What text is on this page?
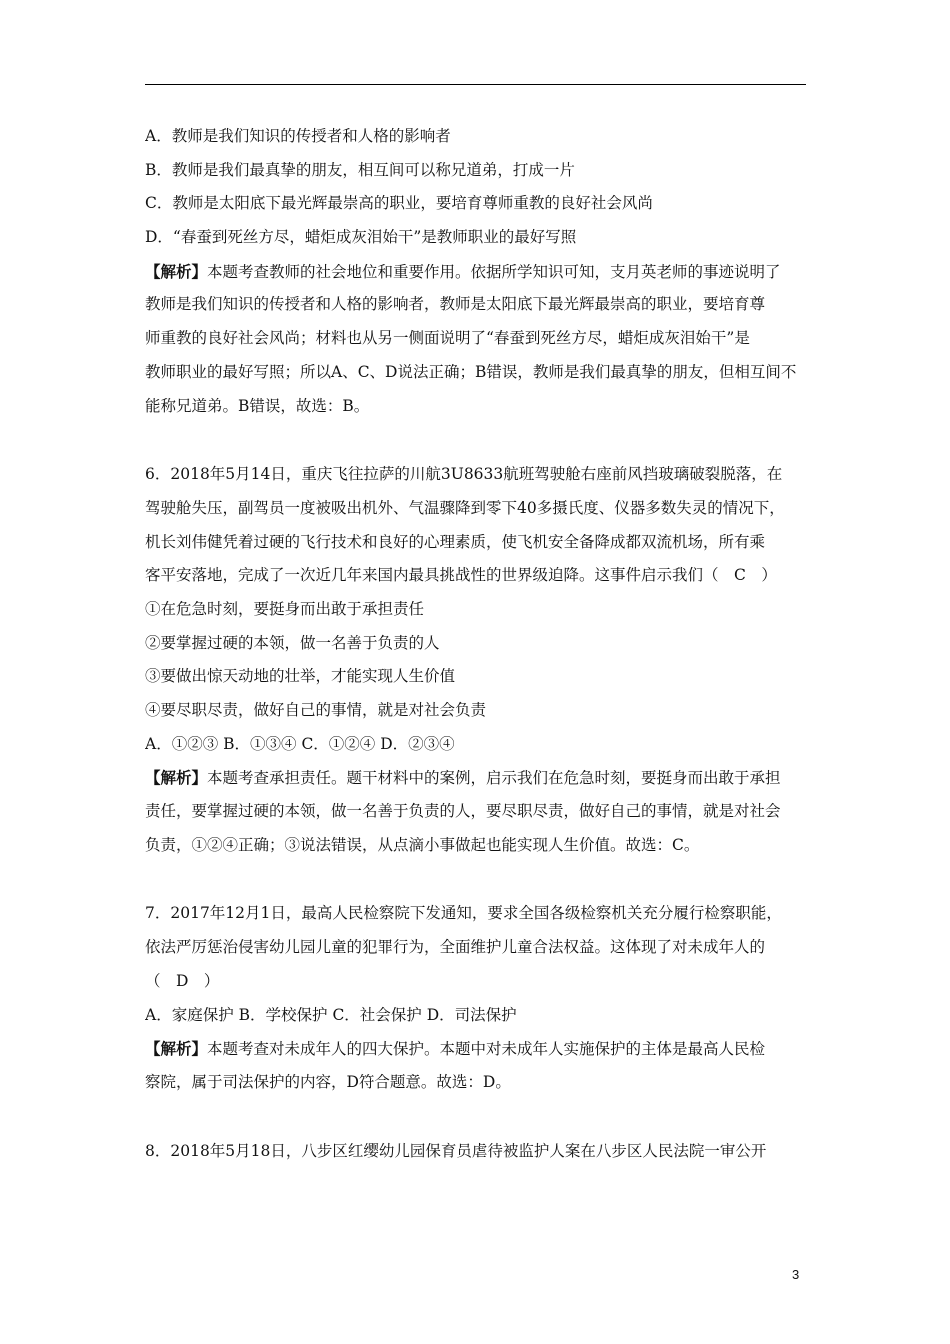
A．教师是我们知识的传授者和人格的影响者
B．教师是我们最真挚的朋友，相互间可以称兄道弟，打成一片
C．教师是太阳底下最光辉最崇高的职业，要培育尊师重教的良好社会风尚
D．“春蚕到死丝方尽，蜡炬成灰泪始干”是教师职业的最好写照
【解析】本题考查教师的社会地位和重要作用。依据所学知识可知，支月英老师的事迹说明了
教师是我们知识的传授者和人格的影响者，教师是太阳底下最光辉最崇高的职业，要培育尊
师重教的良好社会风尚；材料也从另一侧面说明了“春蚕到死丝方尽，蜡炬成灰泪始干”是
教师职业的最好写照；所以A、C、D说法正确；B错误，教师是我们最真挚的朋友，但相互间不
能称兄道弟。B错误，故选：B。
6．2018年5月14日，重庆飞往拉萨的川航3U8633航班驾驶舱右座前风挡玻璃破裂脱落，在
驾驶舱失压，副驾员一度被吸出机外、气温骤降到零下40多摄氏度、仪器多数失灵的情况下，
机长刘伟健凭着过硬的飞行技术和良好的心理素质，使飞机安全备降成都双流机场，所有乘
客平安落地，完成了一次近几年来国内最具挑战性的世界级迫降。这事件启示我们（　C　）
①在危急时刻，要挺身而出敢于承担责任
②要掌握过硬的本领，做一名善于负责的人
③要做出惊天动地的壮举，才能实现人生价值
④要尽职尽责，做好自己的事情，就是对社会负责
A．①②③ B．①③④ C．①②④ D．②③④
【解析】本题考查承担责任。题干材料中的案例，启示我们在危急时刻，要挺身而出敢于承担
责任，要掌握过硬的本领，做一名善于负责的人，要尽职尽责，做好自己的事情，就是对社会
负责，①②④正确；③说法错误，从点滴小事做起也能实现人生价值。故选：C。
7．2017年12月1日，最高人民检察院下发通知，要求全国各级检察机关充分履行检察职能，
依法严厉惩治侵害幼儿园儿童的犯罪行为，全面维护儿童合法权益。这体现了对未成年人的
（　D　）
A．家庭保护 B．学校保护 C．社会保护 D．司法保护
【解析】本题考查对未成年人的四大保护。本题中对未成年人实施保护的主体是最高人民检
察院，属于司法保护的内容，D符合题意。故选：D。
8．2018年5月18日，八步区红缨幼儿园保育员虐待被监护人案在八步区人民法院一审公开
3
